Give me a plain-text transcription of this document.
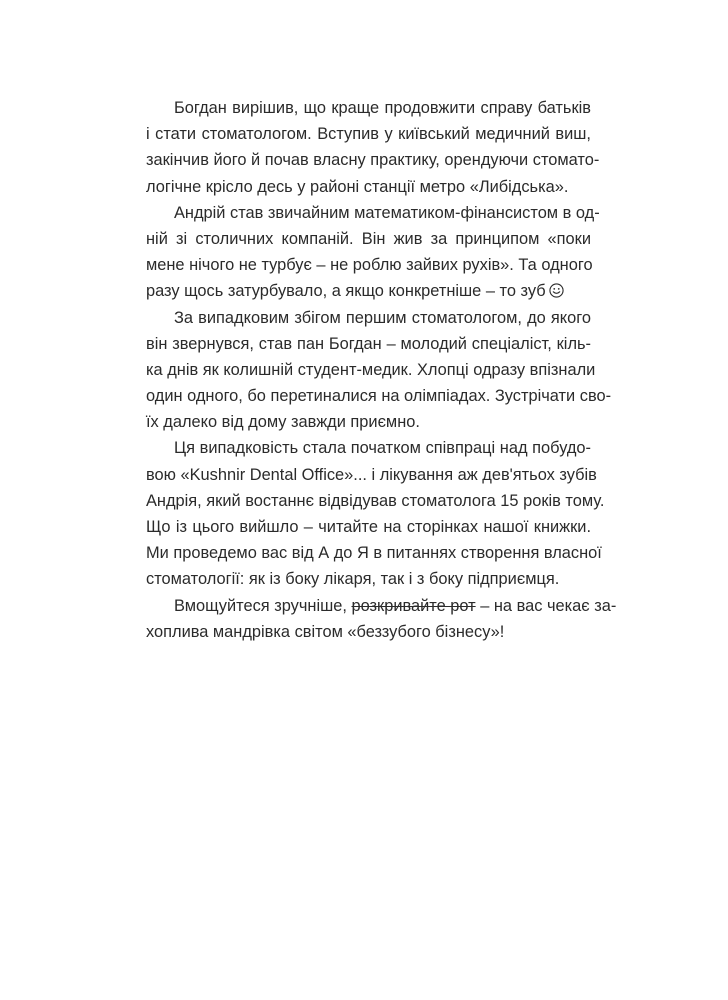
Богдан вирішив, що краще продовжити справу батьків
і стати стоматологом. Вступив у київський медичний виш,
закінчив його й почав власну практику, орендуючи стомато-
логічне крісло десь у районі станції метро «Либідська».
Андрій став звичайним математиком-фінансистом в од-
ній зі столичних компаній. Він жив за принципом «поки
мене нічого не турбує – не роблю зайвих рухів». Та одного
разу щось затурбувало, а якщо конкретніше – то зуб
За випадковим збігом першим стоматологом, до якого
він звернувся, став пан Богдан – молодий спеціаліст, кіль-
ка днів як колишній студент-медик. Хлопці одразу впізнали
один одного, бо перетиналися на олімпіадах. Зустрічати сво-
їх далеко від дому завжди приємно.
Ця випадковість стала початком співпраці над побудо-
вою «Kushnir Dental Office»... і лікування аж дев'ятьох зубів
Андрія, який востаннє відвідував стоматолога 15 років тому.
Що із цього вийшло – читайте на сторінках нашої книжки.
Ми проведемо вас від А до Я в питаннях створення власної
стоматології: як із боку лікаря, так і з боку підприємця.
Вмощуйтеся зручніше, розкривайте рот – на вас чекає за-
хоплива мандрівка світом «беззубого бізнесу»!
